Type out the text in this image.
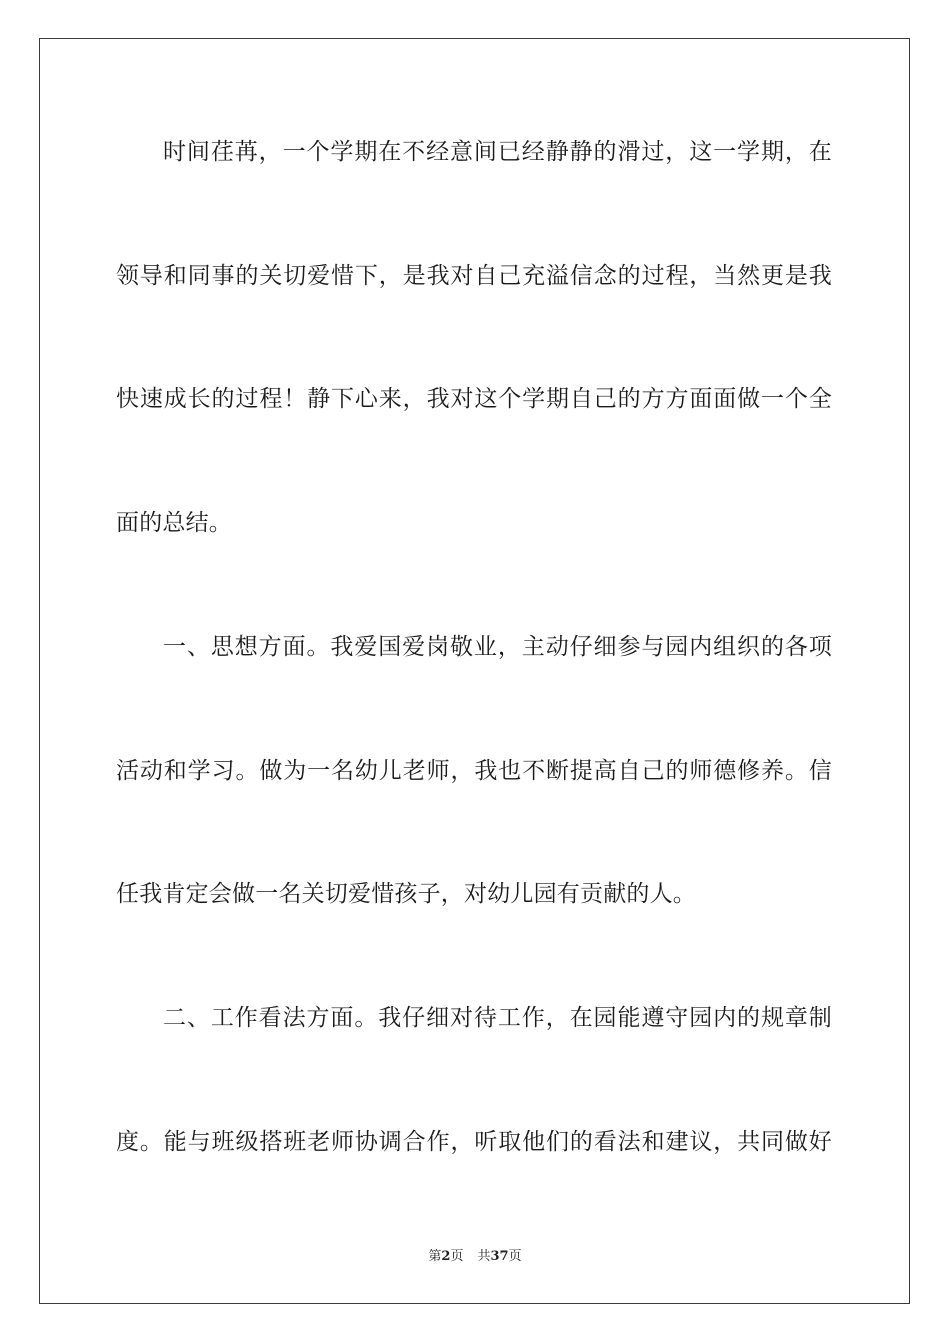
时间荏苒，一个学期在不经意间已经静静的滑过，这一学期，在
领导和同事的关切爱惜下，是我对自己充溢信念的过程，当然更是我
快速成长的过程！静下心来，我对这个学期自己的方方面面做一个全
面的总结。
一、思想方面。我爱国爱岗敬业，主动仔细参与园内组织的各项
活动和学习。做为一名幼儿老师，我也不断提高自己的师德修养。信
任我肯定会做一名关切爱惜孩子，对幼儿园有贡献的人。
二、工作看法方面。我仔细对待工作，在园能遵守园内的规章制
度。能与班级搭班老师协调合作，听取他们的看法和建议，共同做好
第2页 共37页
